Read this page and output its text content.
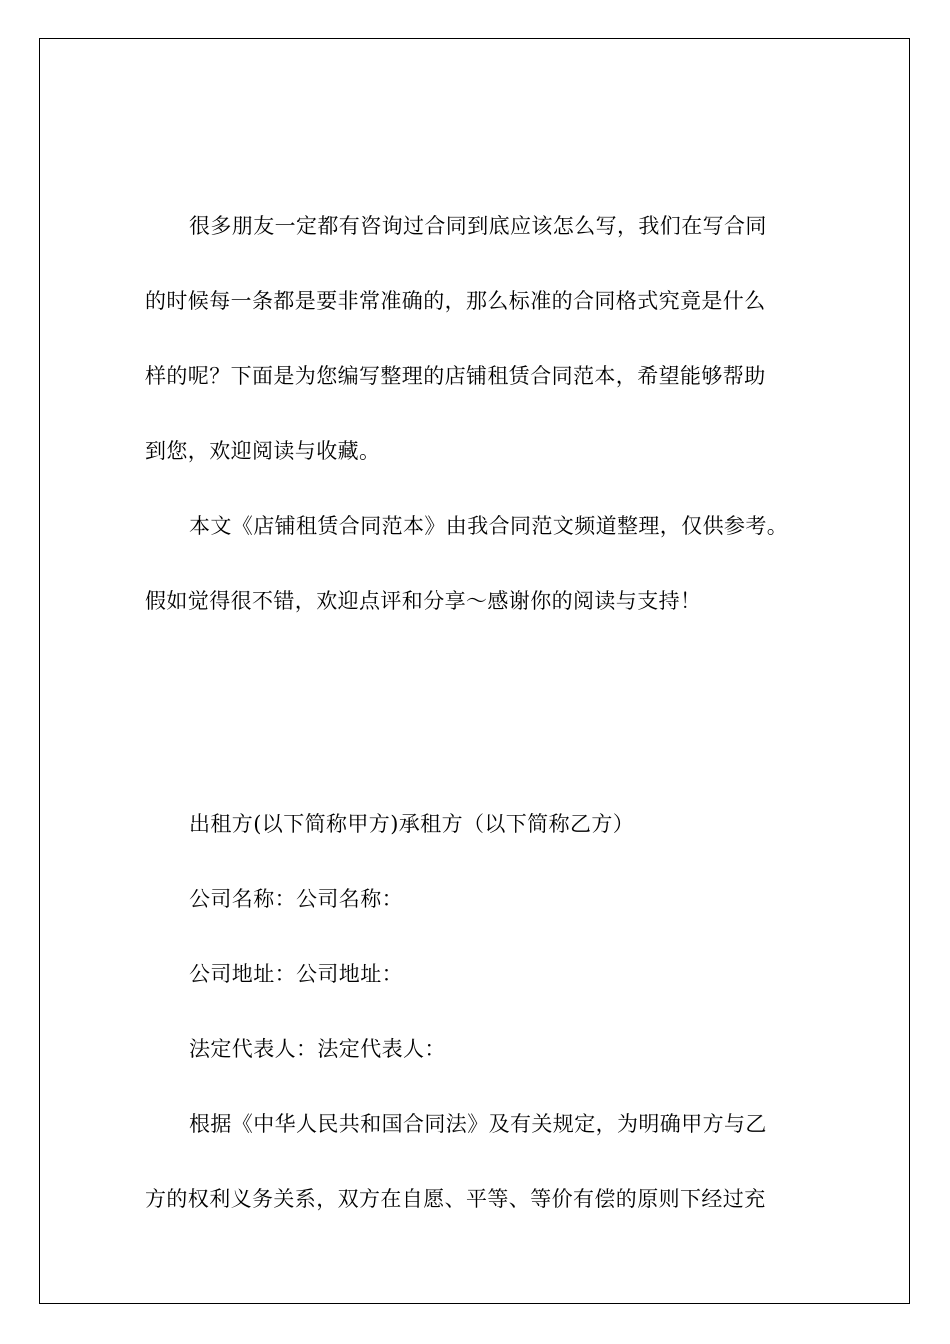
很多朋友一定都有咨询过合同到底应该怎么写，我们在写合同
的时候每一条都是要非常准确的，那么标准的合同格式究竟是什么
样的呢？下面是为您编写整理的店铺租赁合同范本，希望能够帮助
到您，欢迎阅读与收藏。
本文《店铺租赁合同范本》由我合同范文频道整理，仅供参考。
假如觉得很不错，欢迎点评和分享～感谢你的阅读与支持！
出租方(以下简称甲方)承租方（以下简称乙方）
公司名称：公司名称：
公司地址：公司地址：
法定代表人：法定代表人：
根据《中华人民共和国合同法》及有关规定，为明确甲方与乙
方的权利义务关系，双方在自愿、平等、等价有偿的原则下经过充
